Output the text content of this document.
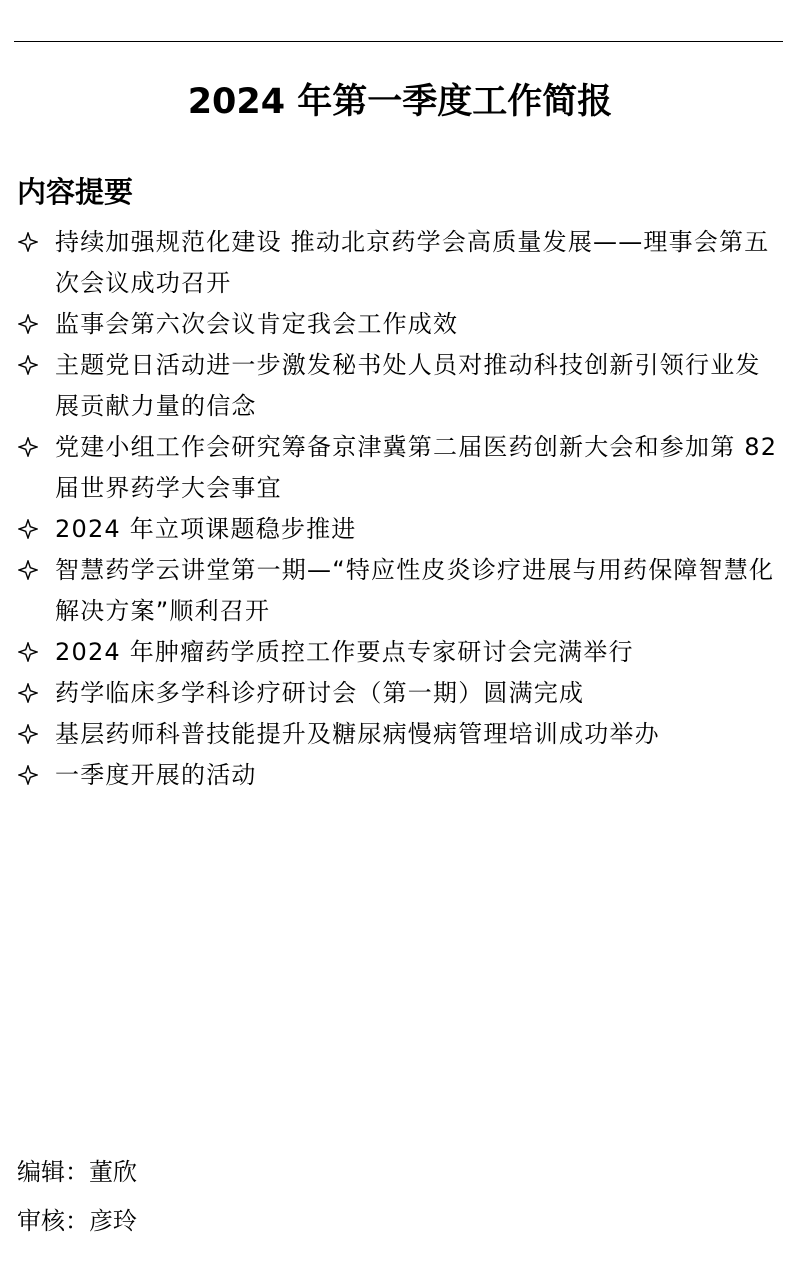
2024 年第一季度工作简报
内容提要
持续加强规范化建设 推动北京药学会高质量发展——理事会第五次会议成功召开
监事会第六次会议肯定我会工作成效
主题党日活动进一步激发秘书处人员对推动科技创新引领行业发展贡献力量的信念
党建小组工作会研究筹备京津冀第二届医药创新大会和参加第 82 届世界药学大会事宜
2024 年立项课题稳步推进
智慧药学云讲堂第一期—“特应性皮炎诊疗进展与用药保障智慧化解决方案”顺利召开
2024 年肿瘤药学质控工作要点专家研讨会完满举行
药学临床多学科诊疗研讨会（第一期）圆满完成
基层药师科普技能提升及糖尿病慢病管理培训成功举办
一季度开展的活动
编辑：董欣
审核：彦玲
